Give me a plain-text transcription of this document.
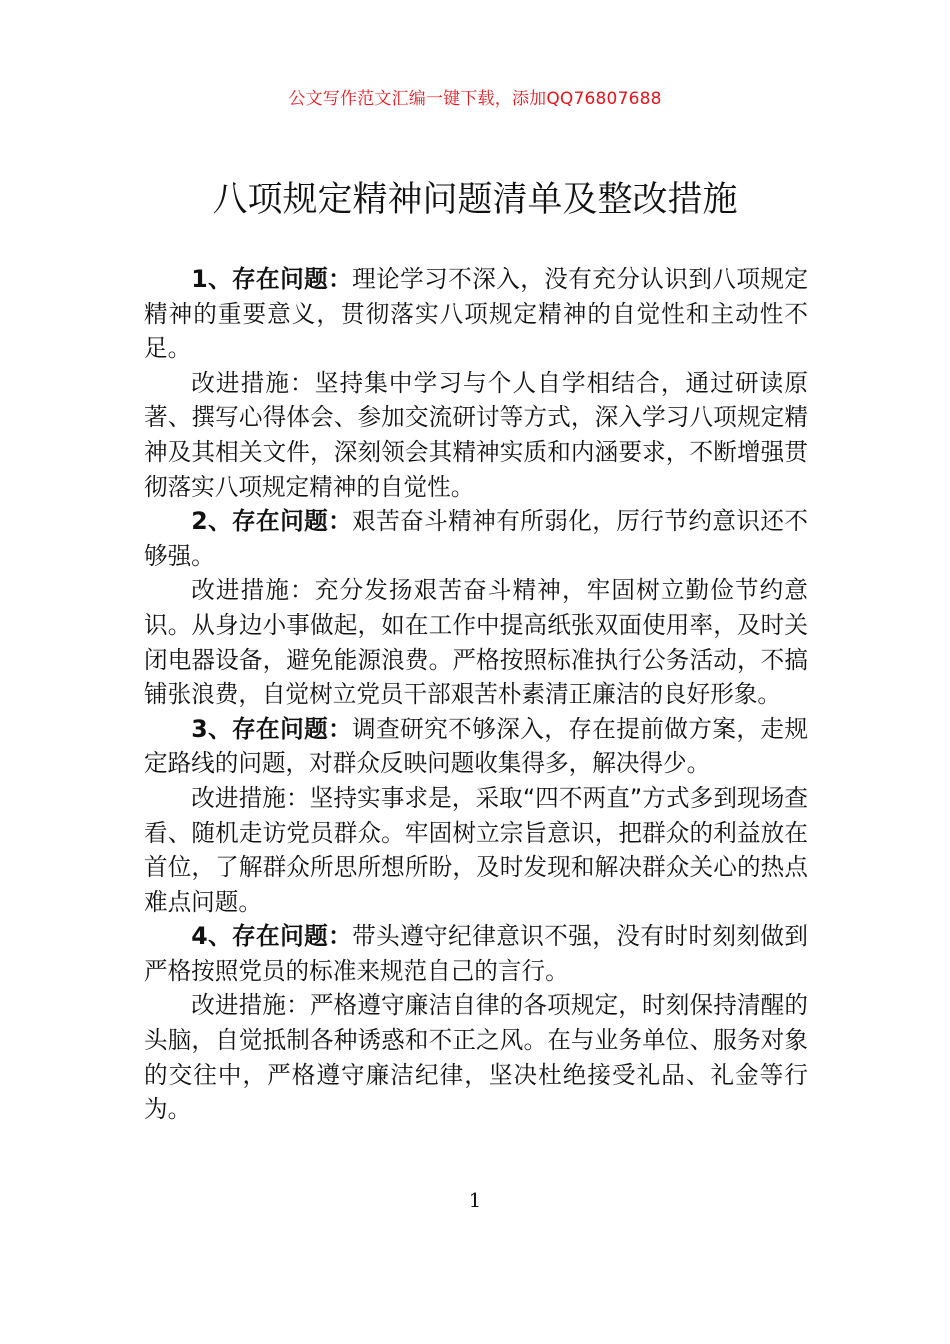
公文写作范文汇编一键下载，添加QQ76807688
八项规定精神问题清单及整改措施

1、存在问题：理论学习不深入，没有充分认识到八项规定精神的重要意义，贯彻落实八项规定精神的自觉性和主动性不足。

改进措施：坚持集中学习与个人自学相结合，通过研读原著、撰写心得体会、参加交流研讨等方式，深入学习八项规定精神及其相关文件，深刻领会其精神实质和内涵要求，不断增强贯彻落实八项规定精神的自觉性。

2、存在问题：艰苦奋斗精神有所弱化，厉行节约意识还不够强。

改进措施：充分发扬艰苦奋斗精神，牢固树立勤俭节约意识。从身边小事做起，如在工作中提高纸张双面使用率，及时关闭电器设备，避免能源浪费。严格按照标准执行公务活动，不搞铺张浪费，自觉树立党员干部艰苦朴素清正廉洁的良好形象。

3、存在问题：调查研究不够深入，存在提前做方案，走规定路线的问题，对群众反映问题收集得多，解决得少。

改进措施：坚持实事求是，采取“四不两直”方式多到现场查看、随机走访党员群众。牢固树立宗旨意识，把群众的利益放在首位，了解群众所思所想所盼，及时发现和解决群众关心的热点难点问题。

4、存在问题：带头遵守纪律意识不强，没有时时刻刻做到严格按照党员的标准来规范自己的言行。

改进措施：严格遵守廉洁自律的各项规定，时刻保持清醒的头脑，自觉抵制各种诱惑和不正之风。在与业务单位、服务对象的交往中，严格遵守廉洁纪律，坚决杜绝接受礼品、礼金等行为。

1
